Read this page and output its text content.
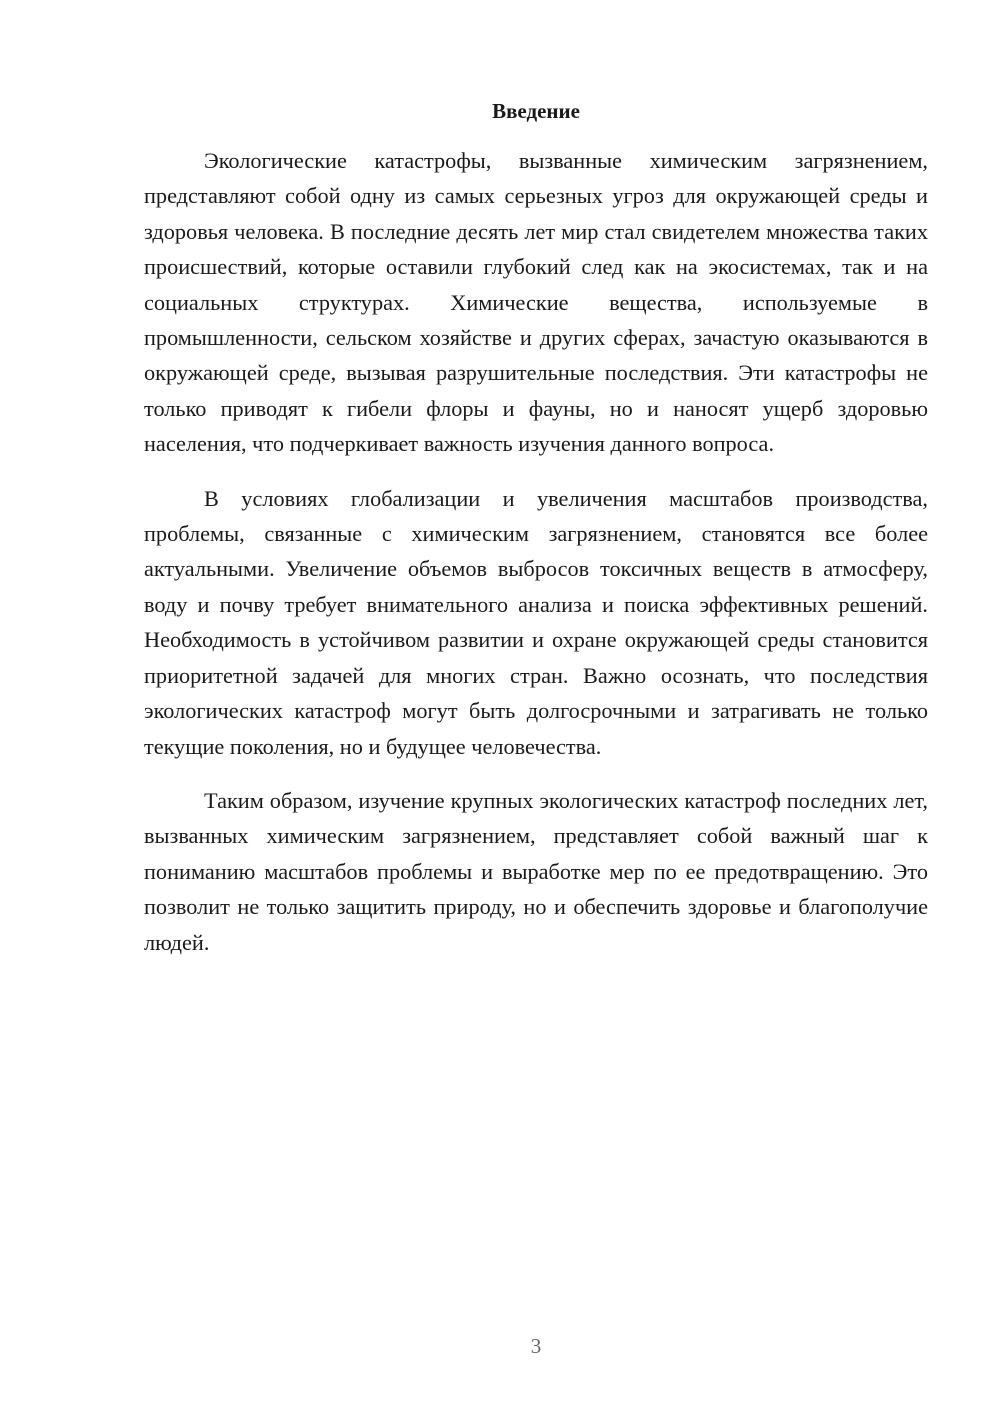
Введение

Экологические катастрофы, вызванные химическим загрязнением, представляют собой одну из самых серьезных угроз для окружающей среды и здоровья человека. В последние десять лет мир стал свидетелем множества таких происшествий, которые оставили глубокий след как на экосистемах, так и на социальных структурах. Химические вещества, используемые в промышленности, сельском хозяйстве и других сферах, зачастую оказываются в окружающей среде, вызывая разрушительные последствия. Эти катастрофы не только приводят к гибели флоры и фауны, но и наносят ущерб здоровью населения, что подчеркивает важность изучения данного вопроса.

В условиях глобализации и увеличения масштабов производства, проблемы, связанные с химическим загрязнением, становятся все более актуальными. Увеличение объемов выбросов токсичных веществ в атмосферу, воду и почву требует внимательного анализа и поиска эффективных решений. Необходимость в устойчивом развитии и охране окружающей среды становится приоритетной задачей для многих стран. Важно осознать, что последствия экологических катастроф могут быть долгосрочными и затрагивать не только текущие поколения, но и будущее человечества.

Таким образом, изучение крупных экологических катастроф последних лет, вызванных химическим загрязнением, представляет собой важный шаг к пониманию масштабов проблемы и выработке мер по ее предотвращению. Это позволит не только защитить природу, но и обеспечить здоровье и благополучие людей.

3
